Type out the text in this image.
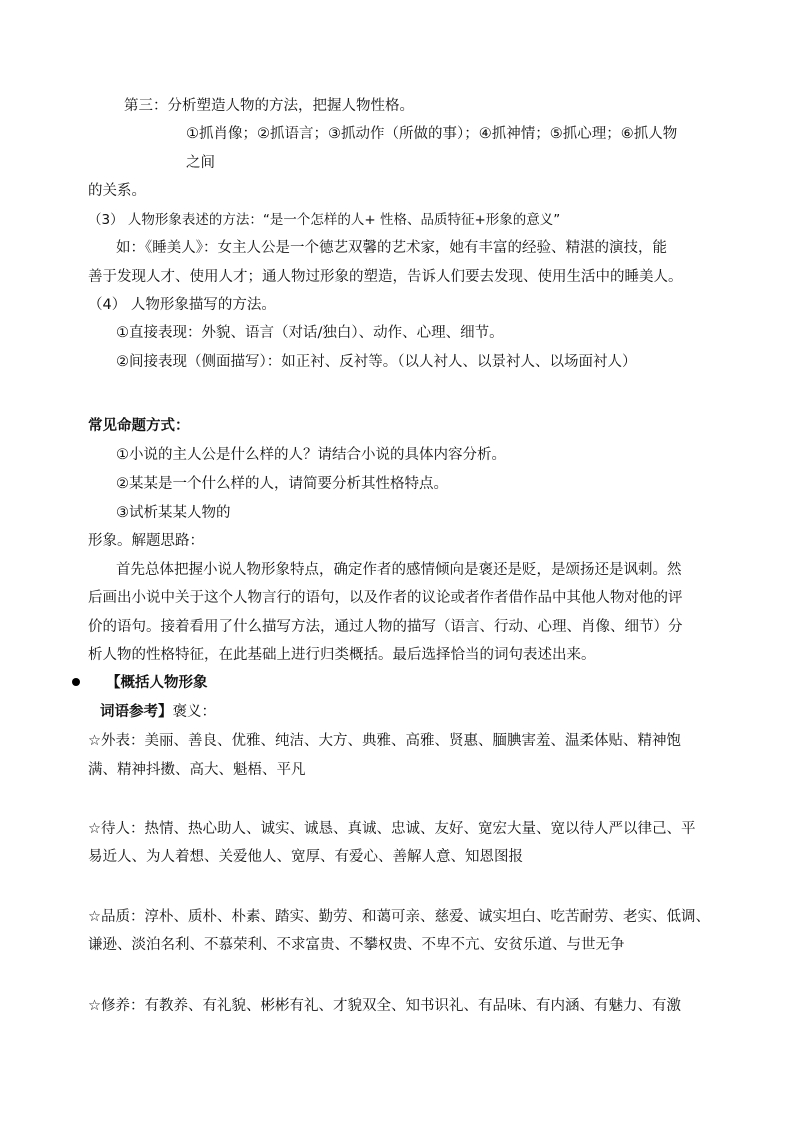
第三：分析塑造人物的方法，把握人物性格。
①抓肖像；②抓语言；③抓动作（所做的事）；④抓神情；⑤抓心理；⑥抓人物
之间
的关系。
（3） 人物形象表述的方法：“是一个怎样的人+ 性格、品质特征+形象的意义”
如：《睡美人》：女主人公是一个德艺双馨的艺术家，她有丰富的经验、精湛的演技，能
善于发现人才、使用人才；通人物过形象的塑造，告诉人们要去发现、使用生活中的睡美人。
（4） 人物形象描写的方法。
①直接表现：外貌、语言（对话/独白）、动作、心理、细节。
②间接表现（侧面描写）：如正衬、反衬等。（以人衬人、以景衬人、以场面衬人）
常见命题方式：
①小说的主人公是什么样的人？请结合小说的具体内容分析。
②某某是一个什么样的人，请简要分析其性格特点。
③试析某某人物的
形象。解题思路：
首先总体把握小说人物形象特点，确定作者的感情倾向是褒还是贬，是颂扬还是讽刺。然
后画出小说中关于这个人物言行的语句，以及作者的议论或者作者借作品中其他人物对他的评
价的语句。接着看用了什么描写方法，通过人物的描写（语言、行动、心理、肖像、细节）分
析人物的性格特征，在此基础上进行归类概括。最后选择恰当的词句表述出来。
【概括人物形象
词语参考】褒义：
☆外表：美丽、善良、优雅、纯洁、大方、典雅、高雅、贤惠、腼腆害羞、温柔体贴、精神饱
满、精神抖擞、高大、魁梧、平凡
☆待人：热情、热心助人、诚实、诚恳、真诚、忠诚、友好、宽宏大量、宽以待人严以律己、平
易近人、为人着想、关爱他人、宽厚、有爱心、善解人意、知恩图报
☆品质：淳朴、质朴、朴素、踏实、勤劳、和蔼可亲、慈爱、诚实坦白、吃苦耐劳、老实、低调、
谦逊、淡泊名利、不慕荣利、不求富贵、不攀权贵、不卑不亢、安贫乐道、与世无争
☆修养：有教养、有礼貌、彬彬有礼、才貌双全、知书识礼、有品味、有内涵、有魅力、有激
